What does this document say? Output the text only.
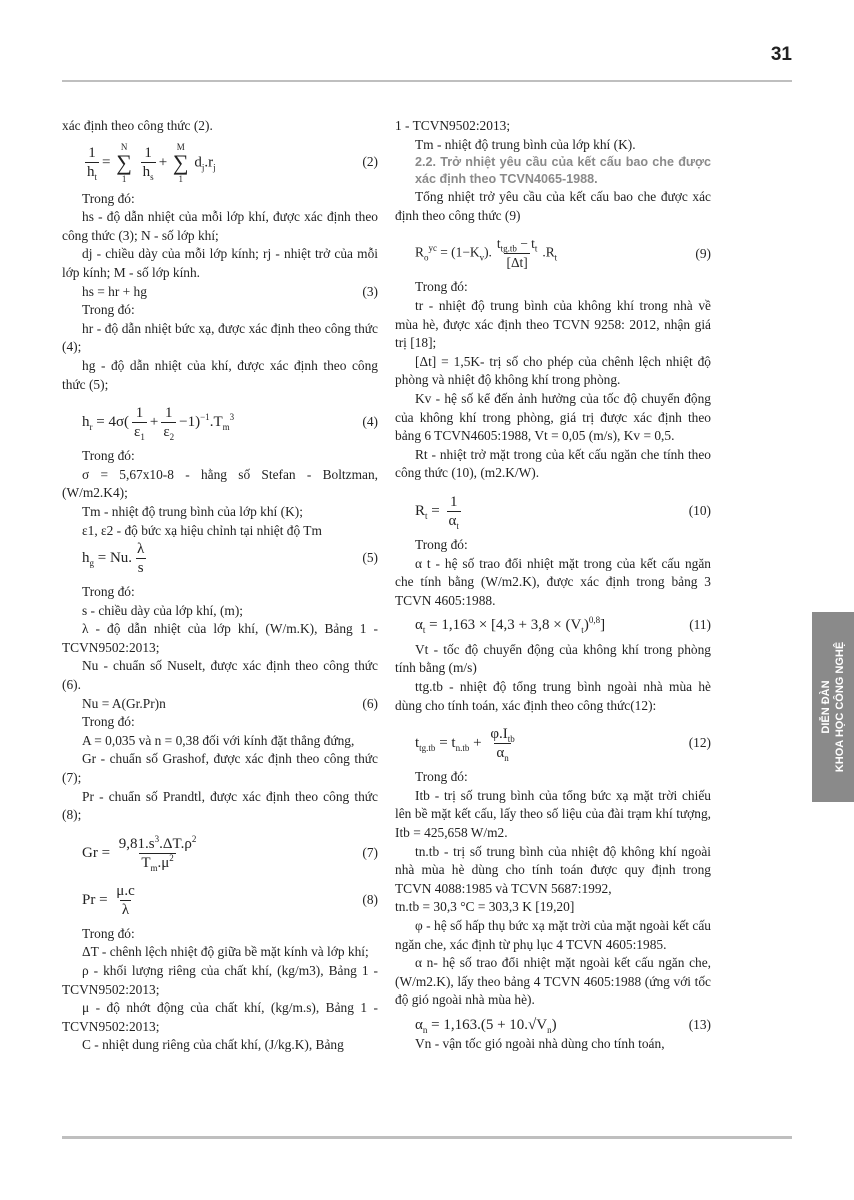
31

xác định theo công thức (2).

$\frac{1}{h_t}$ =
N
∑
1
$\frac{1}{h_s}$ +
M
∑
1
$d_j.r_j$	(2)

Trong đó:

hs - độ dẫn nhiệt của mỗi lớp khí, được xác định theo công thức (3); N - số lớp khí;

dj - chiều dày của mỗi lớp kính; rj - nhiệt trở của mỗi lớp kính; M - số lớp kính.

hs = hr + hg	(3)

Trong đó:

hr - độ dẫn nhiệt bức xạ, được xác định theo công thức (4);

hg - độ dẫn nhiệt của khí, được xác định theo công thức (5);

$h_r = 4\sigma( \frac{1}{\varepsilon_1} + \frac{1}{\varepsilon_2} -1)^{-1}.T_m^3$	(4)

Trong đó:

σ = 5,67x10-8 - hằng số Stefan - Boltzman, (W/m2.K4);

Tm - nhiệt độ trung bình của lớp khí (K);

ε1, ε2 - độ bức xạ hiệu chỉnh tại nhiệt độ Tm

$h_g = Nu$. $\frac{\lambda}{s}$	(5)

Trong đó:

s - chiều dày của lớp khí, (m);

λ - độ dẫn nhiệt của lớp khí, (W/m.K), Bảng 1 - TCVN9502:2013;

Nu - chuẩn số Nuselt, được xác định theo công thức (6).

Nu = A(Gr.Pr)n	(6)

Trong đó:

A = 0,035 và n = 0,38 đối với kính đặt thẳng đứng,

Gr - chuẩn số Grashof, được xác định theo công thức (7);

Pr - chuẩn số Prandtl, được xác định theo công thức (8);

$Gr = \frac{9,81.s^3.\Delta T.\rho^2}{T_m.\mu^2}$	(7)
$Pr = \frac{\mu.c}{\lambda}$	(8)

Trong đó:

ΔT - chênh lệch nhiệt độ giữa bề mặt kính và lớp khí;

ρ - khối lượng riêng của chất khí, (kg/m3), Bảng 1 - TCVN9502:2013;

μ - độ nhớt động của chất khí, (kg/m.s), Bảng 1 - TCVN9502:2013;

C - nhiệt dung riêng của chất khí, (J/kg.K), Bảng

1 - TCVN9502:2013;

Tm - nhiệt độ trung bình của lớp khí (K).

2.2. Trở nhiệt yêu cầu của kết cấu bao che được xác định theo TCVN4065-1988.

Tổng nhiệt trở yêu cầu của kết cấu bao che được xác định theo công thức (9)

$R_o^{yc} = (1-K_v)$. $\frac{t_{tg.tb} - t_t}{[\Delta t]} .R_t$	(9)

Trong đó:

tr - nhiệt độ trung bình của không khí trong nhà về mùa hè, được xác định theo TCVN 9258: 2012, nhận giá trị [18];

[Δt] = 1,5K- trị số cho phép của chênh lệch nhiệt độ phòng và nhiệt độ không khí trong phòng.

Kv - hệ số kể đến ảnh hưởng của tốc độ chuyển động của không khí trong phòng, giá trị được xác định theo bảng 6 TCVN4605:1988, Vt = 0,05 (m/s), Kv = 0,5.

Rt - nhiệt trở mặt trong của kết cấu ngăn che tính theo công thức (10), (m2.K/W).

$R_t = \frac{1}{\alpha_t}$	(10)

Trong đó:

α t - hệ số trao đổi nhiệt mặt trong của kết cấu ngăn che tính bằng (W/m2.K), được xác định trong bảng 3 TCVN 4605:1988.

$\alpha_t = 1,163 \times [4,3 + 3,8 \times (V_t)^{0,8}]$	(11)

Vt - tốc độ chuyển động của không khí trong phòng tính bằng (m/s)

ttg.tb - nhiệt độ tổng trung bình ngoài nhà mùa hè dùng cho tính toán, xác định theo công thức(12):

$t_{tg.tb} = t_{n.tb} + \frac{\varphi.I_{tb}}{\alpha_n}$	(12)

Trong đó:

Itb - trị số trung bình của tổng bức xạ mặt trời chiếu lên bề mặt kết cấu, lấy theo số liệu của đài trạm khí tượng, Itb = 425,658 W/m2.

tn.tb - trị số trung bình của nhiệt độ không khí ngoài nhà mùa hè dùng cho tính toán được quy định trong TCVN 4088:1985 và TCVN 5687:1992,

tn.tb = 30,3 °C = 303,3 K [19,20]

φ - hệ số hấp thụ bức xạ mặt trời của mặt ngoài kết cấu ngăn che, xác định từ phụ lục 4 TCVN 4605:1985.

α n- hệ số trao đổi nhiệt mặt ngoài kết cấu ngăn che, (W/m2.K), lấy theo bảng 4 TCVN 4605:1988 (ứng với tốc độ gió ngoài nhà mùa hè).

$\alpha_n = 1,163.(5 + 10.√V_n)$	(13)

Vn - vận tốc gió ngoài nhà dùng cho tính toán,

DIỄN ĐÀN KHOA HỌC CÔNG NGHỆ
